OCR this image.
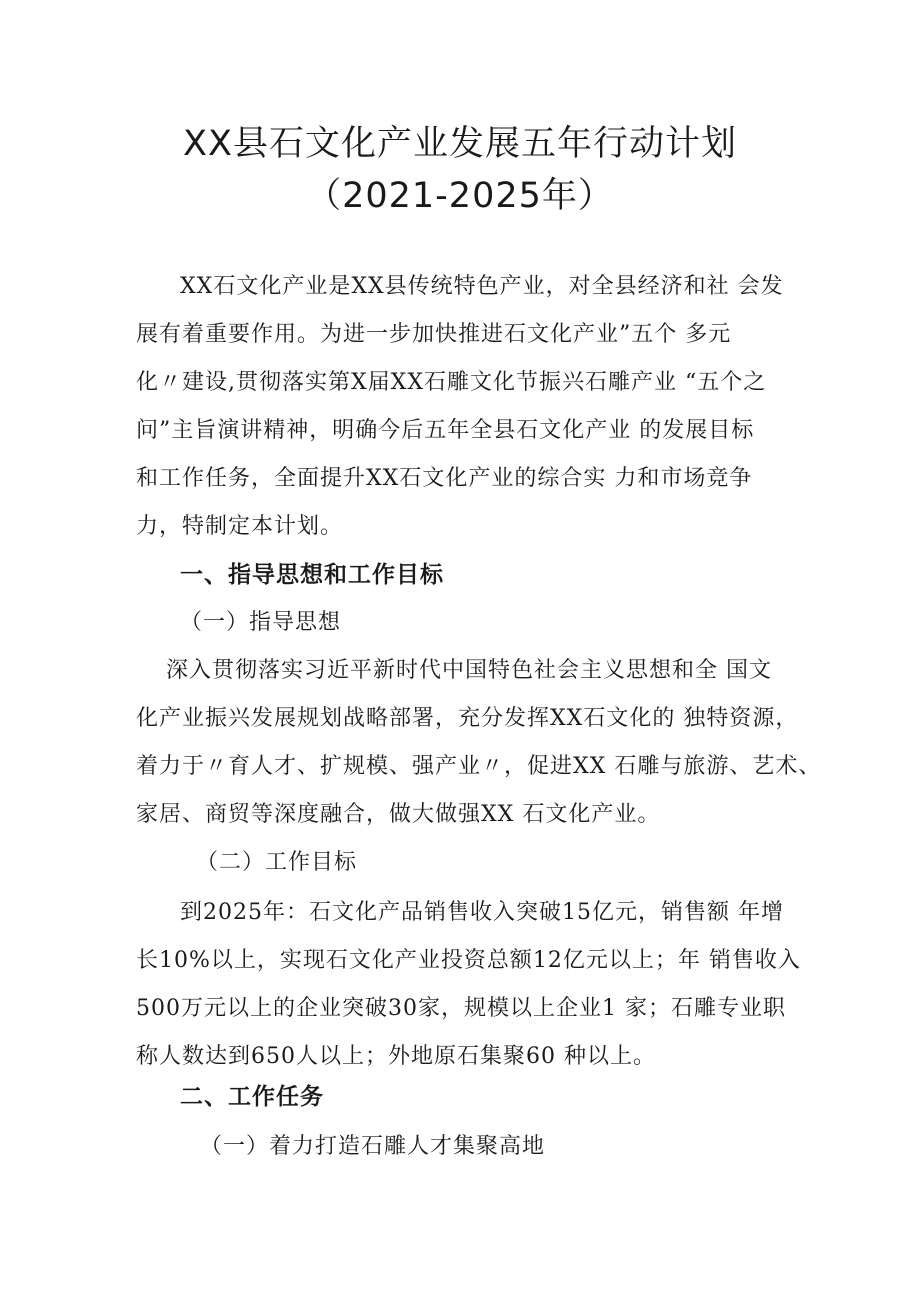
XX县石文化产业发展五年行动计划
（2021-2025年）
XX石文化产业是XX县传统特色产业，对全县经济和社 会发
展有着重要作用。为进一步加快推进石文化产业”五个 多元
化〃建设,贯彻落实第X届XX石雕文化节振兴石雕产业 “五个之
问”主旨演讲精神，明确今后五年全县石文化产业 的发展目标
和工作任务，全面提升XX石文化产业的综合实 力和市场竞争
力，特制定本计划。
一、指导思想和工作目标
（一）指导思想
深入贯彻落实习近平新时代中国特色社会主义思想和全 国文
化产业振兴发展规划战略部署，充分发挥XX石文化的 独特资源，
着力于〃育人才、扩规模、强产业〃，促进XX 石雕与旅游、艺术、
家居、商贸等深度融合，做大做强XX 石文化产业。
（二）工作目标
到2025年：石文化产品销售收入突破15亿元，销售额 年增
长10%以上，实现石文化产业投资总额12亿元以上；年 销售收入
500万元以上的企业突破30家，规模以上企业1 家；石雕专业职
称人数达到650人以上；外地原石集聚60 种以上。
二、工作任务
（一）着力打造石雕人才集聚高地
